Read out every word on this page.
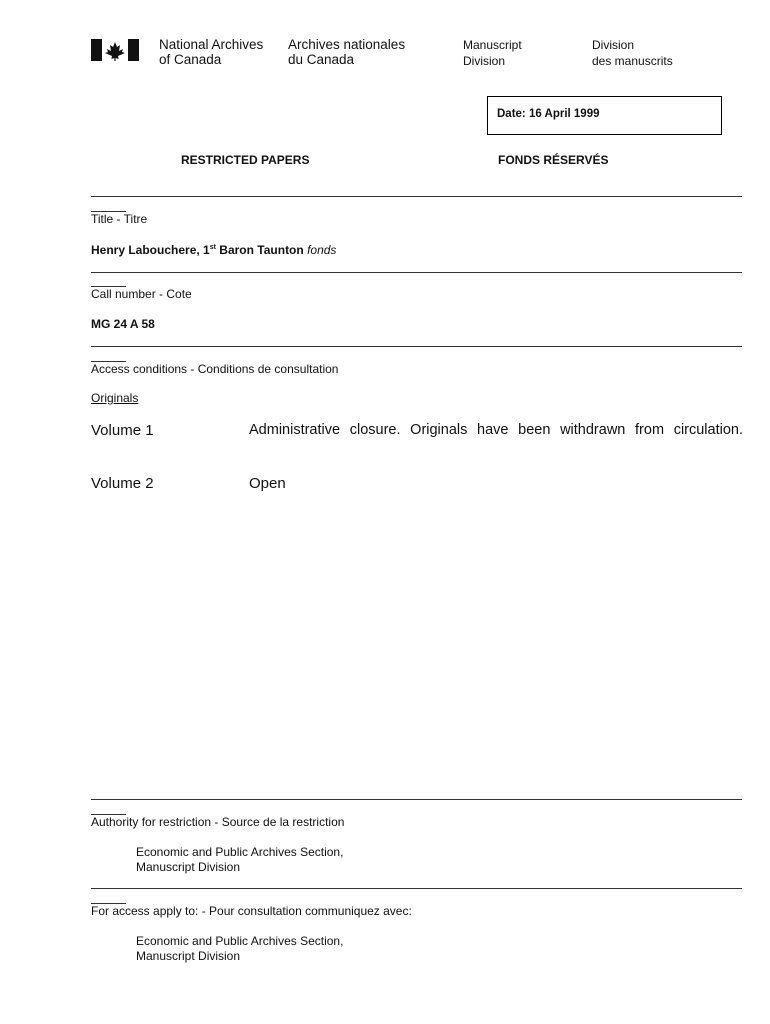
National Archives
of Canada
Archives nationales
du Canada
Manuscript
Division
Division
des manuscrits
Date: 16 April 1999
RESTRICTED PAPERS	FONDS RÉSERVÉS
Title - Titre
Henry Labouchere, 1st Baron Taunton fonds
Call number - Cote
MG 24 A 58
Access conditions - Conditions de consultation
Originals
Volume 1	Administrative closure. Originals have been withdrawn from circulation.
Volume 2	Open
Authority for restriction - Source de la restriction
Economic and Public Archives Section,
Manuscript Division
For access apply to: - Pour consultation communiquez avec:
Economic and Public Archives Section,
Manuscript Division
